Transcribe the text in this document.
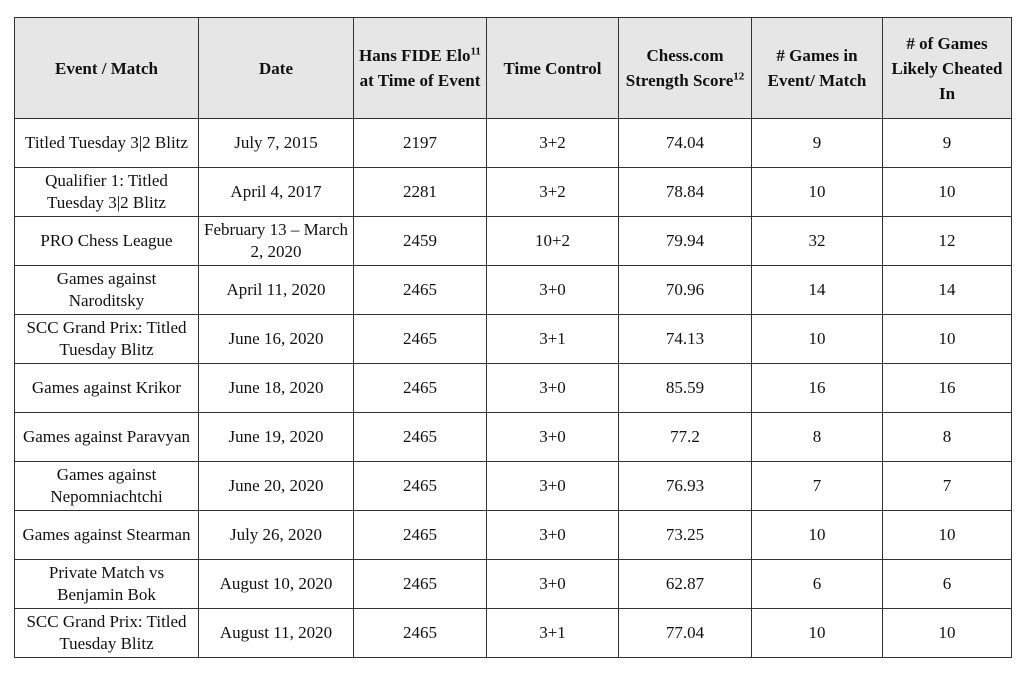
Event / Match	Date	Hans FIDE Elo$^{11}$ at Time of Event	Time Control	Chess.com Strength Score$^{12}$	# Games in Event/ Match	# of Games Likely Cheated In
Titled Tuesday 3|2 Blitz	July 7, 2015	2197	3+2	74.04	9	9
Qualifier 1: Titled Tuesday 3|2 Blitz	April 4, 2017	2281	3+2	78.84	10	10
PRO Chess League	February 13 – March 2, 2020	2459	10+2	79.94	32	12
Games against Naroditsky	April 11, 2020	2465	3+0	70.96	14	14
SCC Grand Prix: Titled Tuesday Blitz	June 16, 2020	2465	3+1	74.13	10	10
Games against Krikor	June 18, 2020	2465	3+0	85.59	16	16
Games against Paravyan	June 19, 2020	2465	3+0	77.2	8	8
Games against Nepomniachtchi	June 20, 2020	2465	3+0	76.93	7	7
Games against Stearman	July 26, 2020	2465	3+0	73.25	10	10
Private Match vs Benjamin Bok	August 10, 2020	2465	3+0	62.87	6	6
SCC Grand Prix: Titled Tuesday Blitz	August 11, 2020	2465	3+1	77.04	10	10
